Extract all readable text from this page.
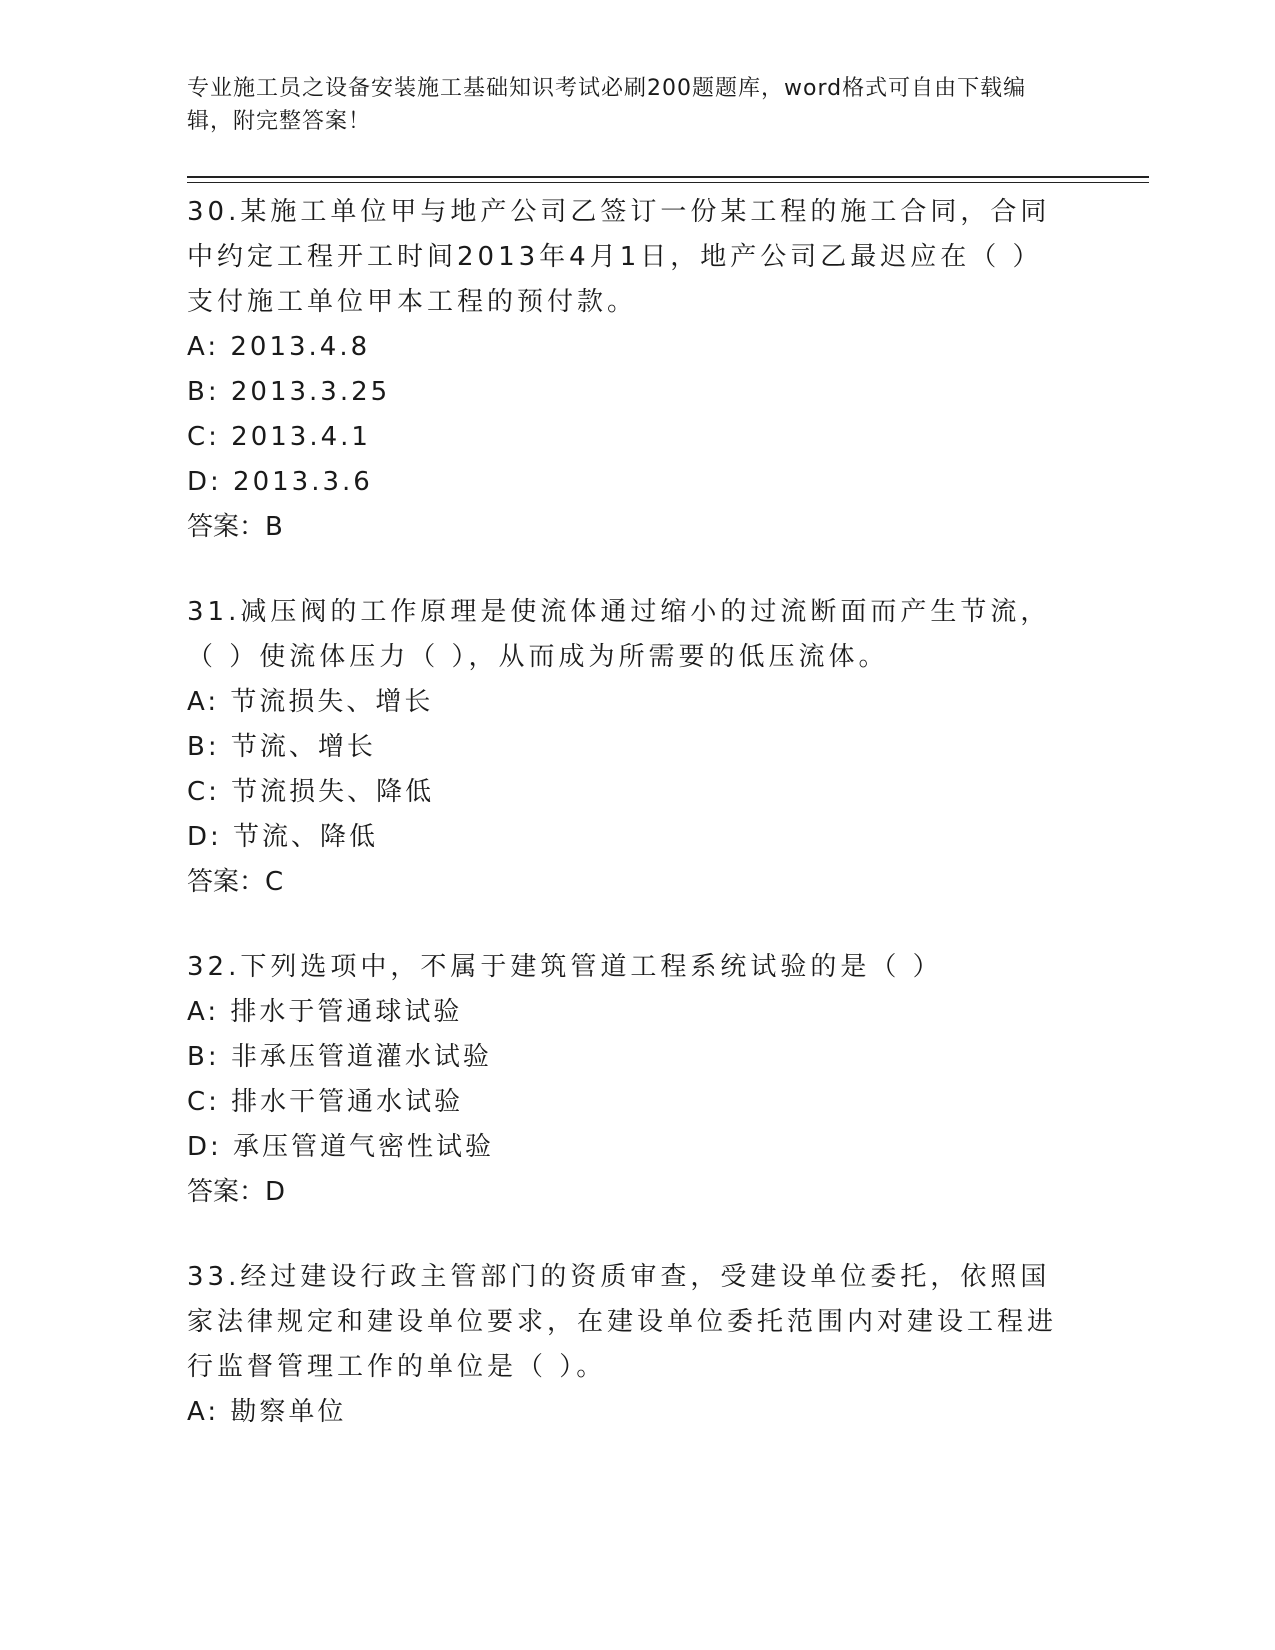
专业施工员之设备安装施工基础知识考试必刷200题题库，word格式可自由下载编辑，附完整答案！

30.某施工单位甲与地产公司乙签订一份某工程的施工合同，合同中约定工程开工时间2013年4月1日，地产公司乙最迟应在（ ）支付施工单位甲本工程的预付款。

A: 2013.4.8

B: 2013.3.25

C: 2013.4.1

D: 2013.3.6

答案：B

31.减压阀的工作原理是使流体通过缩小的过流断面而产生节流，（ ）使流体压力（ ），从而成为所需要的低压流体。

A: 节流损失、增长

B: 节流、增长

C: 节流损失、降低

D: 节流、降低

答案：C

32.下列选项中，不属于建筑管道工程系统试验的是（ ）

A: 排水于管通球试验

B: 非承压管道灌水试验

C: 排水干管通水试验

D: 承压管道气密性试验

答案：D

33.经过建设行政主管部门的资质审查，受建设单位委托，依照国家法律规定和建设单位要求，在建设单位委托范围内对建设工程进行监督管理工作的单位是（ ）。

A: 勘察单位
